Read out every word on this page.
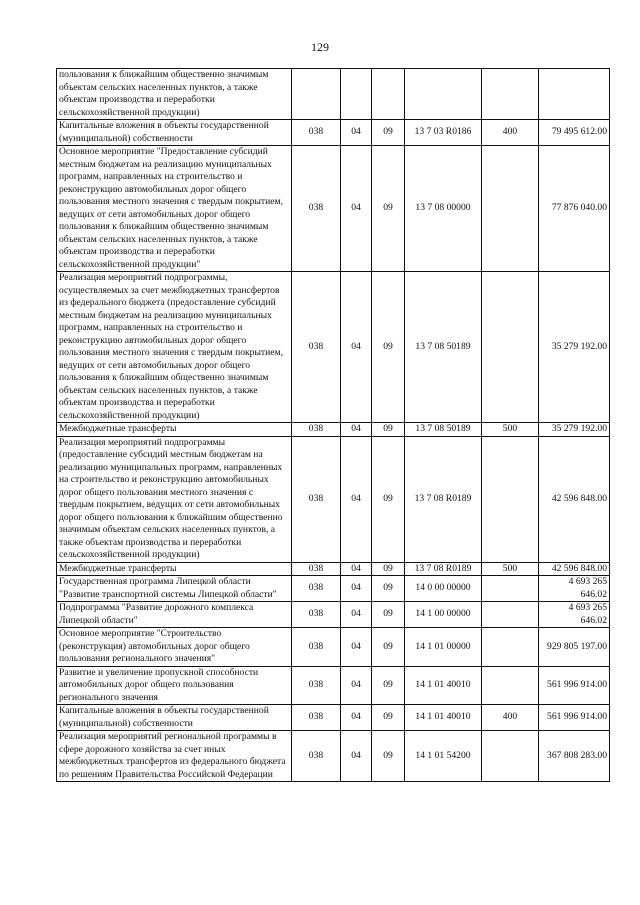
129
пользования к ближайшим общественно значимым объектам сельских населенных пунктов, а также объектам производства и переработки сельскохозяйственной продукции)						
Капитальные вложения в объекты государственной (муниципальной) собственности	038	04	09	13 7 03 R0186	400	79 495 612.00
Основное мероприятие "Предоставление субсидий местным бюджетам на реализацию муниципальных программ, направленных на строительство и реконструкцию автомобильных дорог общего пользования местного значения с твердым покрытием, ведущих от сети автомобильных дорог общего пользования к ближайшим общественно значимым объектам сельских населенных пунктов, а также объектам производства и переработки сельскохозяйственной продукции"	038	04	09	13 7 08 00000		77 876 040.00
Реализация мероприятий подпрограммы, осуществляемых за счет межбюджетных трансфертов из федерального бюджета (предоставление субсидий местным бюджетам на реализацию муниципальных программ, направленных на строительство и реконструкцию автомобильных дорог общего пользования местного значения с твердым покрытием, ведущих от сети автомобильных дорог общего пользования к ближайшим общественно значимым объектам сельских населенных пунктов, а также объектам производства и переработки сельскохозяйственной продукции)	038	04	09	13 7 08 50189		35 279 192.00
Межбюджетные трансферты	038	04	09	13 7 08 50189	500	35 279 192.00
Реализация мероприятий подпрограммы (предоставление субсидий местным бюджетам на реализацию муниципальных программ, направленных на строительство и реконструкцию автомобильных дорог общего пользования местного значения с твердым покрытием, ведущих от сети автомобильных дорог общего пользования к ближайшим общественно значимым объектам сельских населенных пунктов, а также объектам производства и переработки сельскохозяйственной продукции)	038	04	09	13 7 08 R0189		42 596 848.00
Межбюджетные трансферты	038	04	09	13 7 08 R0189	500	42 596 848.00
Государственная программа Липецкой области "Развитие транспортной системы Липецкой области"	038	04	09	14 0 00 00000		4 693 265 646.02
Подпрограмма "Развитие дорожного комплекса Липецкой области"	038	04	09	14 1 00 00000		4 693 265 646.02
Основное мероприятие "Строительство (реконструкция) автомобильных дорог общего пользования регионального значения"	038	04	09	14 1 01 00000		929 805 197.00
Развитие и увеличение пропускной способности автомобильных дорог общего пользования регионального значения	038	04	09	14 1 01 40010		561 996 914.00
Капитальные вложения в объекты государственной (муниципальной) собственности	038	04	09	14 1 01 40010	400	561 996 914.00
Реализация мероприятий региональной программы в сфере дорожного хозяйства за счет иных межбюджетных трансфертов из федерального бюджета по решениям Правительства Российской Федерации	038	04	09	14 1 01 54200		367 808 283.00
